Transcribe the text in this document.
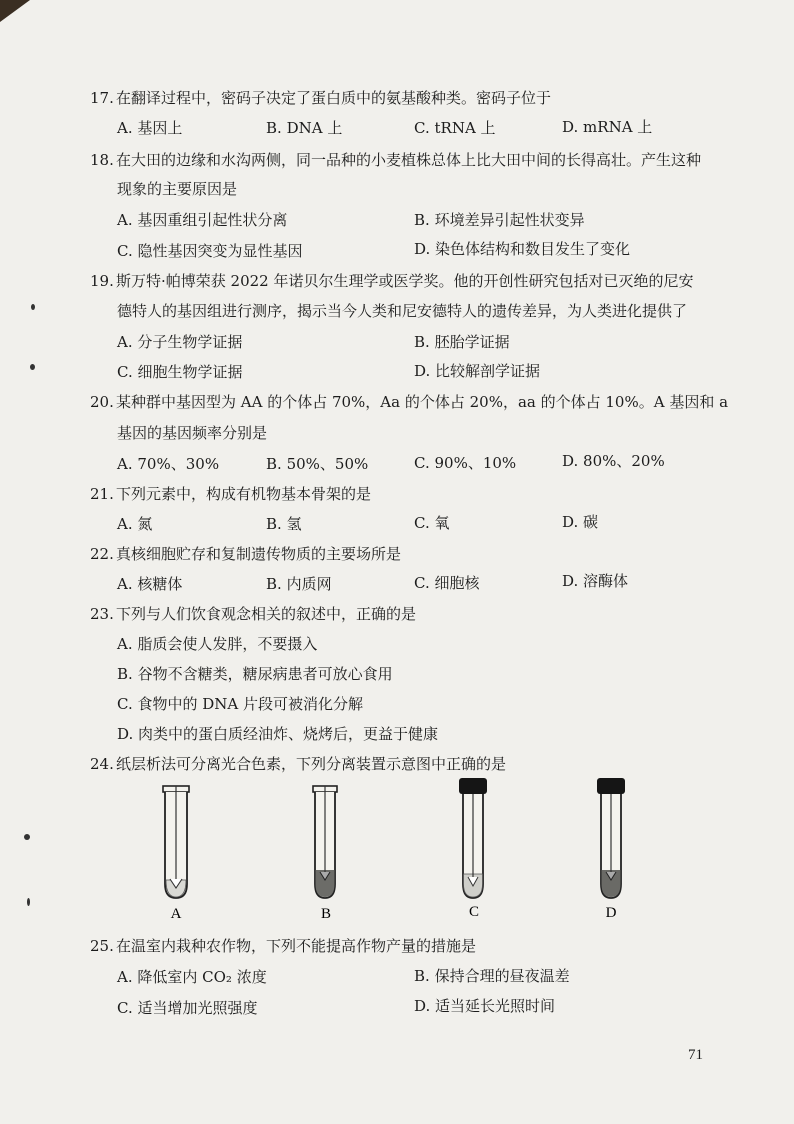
17. 在翻译过程中，密码子决定了蛋白质中的氨基酸种类。密码子位于
A. 基因上	B. DNA 上	C. tRNA 上	D. mRNA 上
18. 在大田的边缘和水沟两侧，同一品种的小麦植株总体上比大田中间的长得高壮。产生这种
现象的主要原因是
A. 基因重组引起性状分离	B. 环境差异引起性状变异
C. 隐性基因突变为显性基因	D. 染色体结构和数目发生了变化
19. 斯万特·帕博荣获 2022 年诺贝尔生理学或医学奖。他的开创性研究包括对已灭绝的尼安
德特人的基因组进行测序，揭示当今人类和尼安德特人的遗传差异，为人类进化提供了
A. 分子生物学证据	B. 胚胎学证据
C. 细胞生物学证据	D. 比较解剖学证据
20. 某种群中基因型为 AA 的个体占 70%，Aa 的个体占 20%，aa 的个体占 10%。A 基因和 a
基因的基因频率分别是
A. 70%、30%	B. 50%、50%	C. 90%、10%	D. 80%、20%
21. 下列元素中，构成有机物基本骨架的是
A. 氮	B. 氢	C. 氧	D. 碳
22. 真核细胞贮存和复制遗传物质的主要场所是
A. 核糖体	B. 内质网	C. 细胞核	D. 溶酶体
23. 下列与人们饮食观念相关的叙述中，正确的是
A. 脂质会使人发胖，不要摄入
B. 谷物不含糖类，糖尿病患者可放心食用
C. 食物中的 DNA 片段可被消化分解
D. 肉类中的蛋白质经油炸、烧烤后，更益于健康
24. 纸层析法可分离光合色素，下列分离装置示意图中正确的是
A	B	C	D
25. 在温室内栽种农作物，下列不能提高作物产量的措施是
A. 降低室内 CO₂ 浓度	B. 保持合理的昼夜温差
C. 适当增加光照强度	D. 适当延长光照时间
71
